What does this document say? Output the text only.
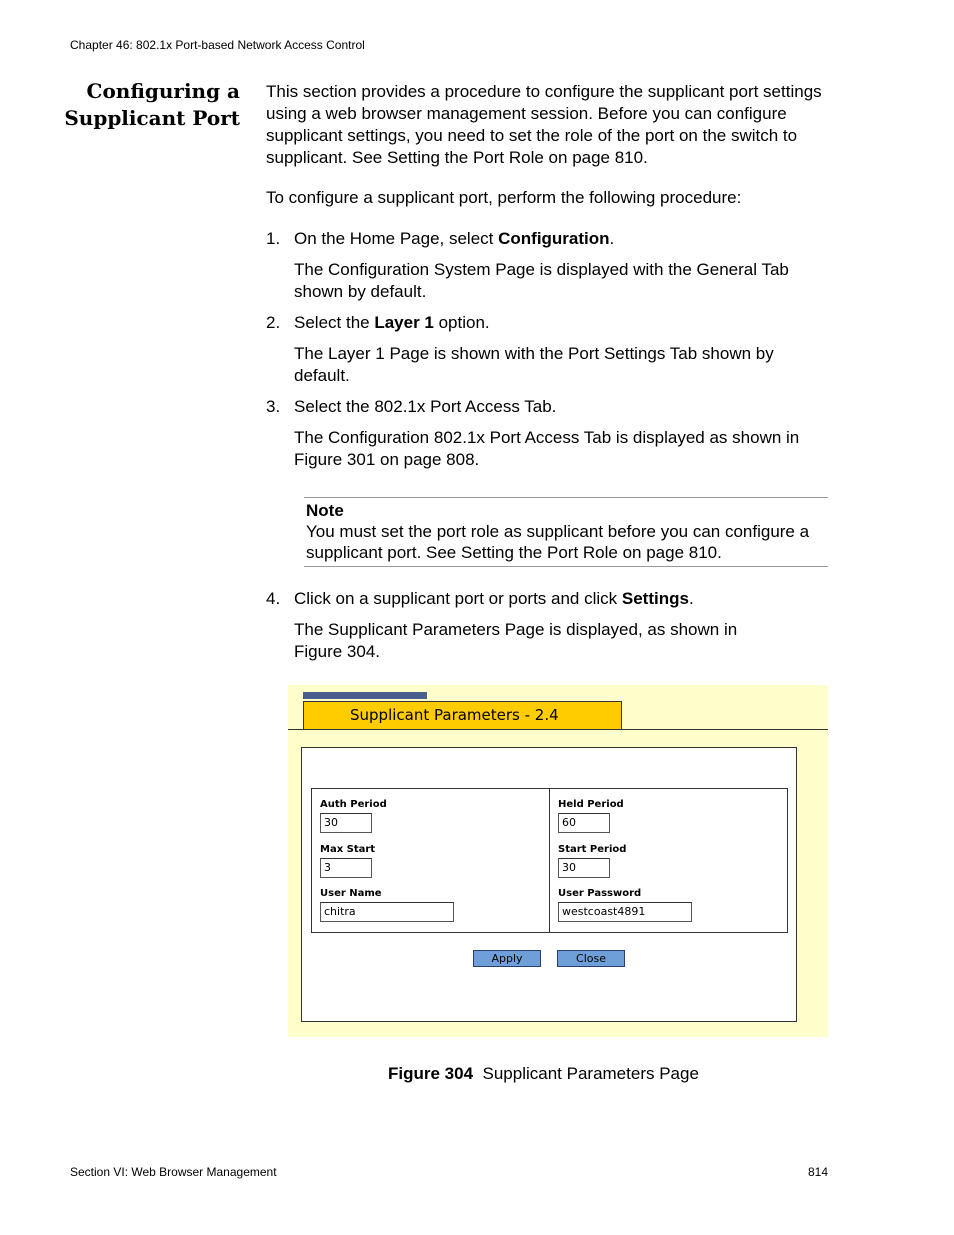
Chapter 46: 802.1x Port-based Network Access Control
Configuring a
Supplicant Port
This section provides a procedure to configure the supplicant port settings using a web browser management session. Before you can configure supplicant settings, you need to set the role of the port on the switch to supplicant. See Setting the Port Role on page 810.
To configure a supplicant port, perform the following procedure:
1. On the Home Page, select Configuration.
The Configuration System Page is displayed with the General Tab shown by default.
2. Select the Layer 1 option.
The Layer 1 Page is shown with the Port Settings Tab shown by default.
3. Select the 802.1x Port Access Tab.
The Configuration 802.1x Port Access Tab is displayed as shown in Figure 301 on page 808.
Note
You must set the port role as supplicant before you can configure a supplicant port. See Setting the Port Role on page 810.
4. Click on a supplicant port or ports and click Settings.
The Supplicant Parameters Page is displayed, as shown in
Figure 304.
Supplicant Parameters - 2.4
Auth Period
30
Held Period
60
Max Start
3
Start Period
30
User Name
chitra
User Password
westcoast4891
Apply	Close
Figure 304 Supplicant Parameters Page
Section VI: Web Browser Management	814
